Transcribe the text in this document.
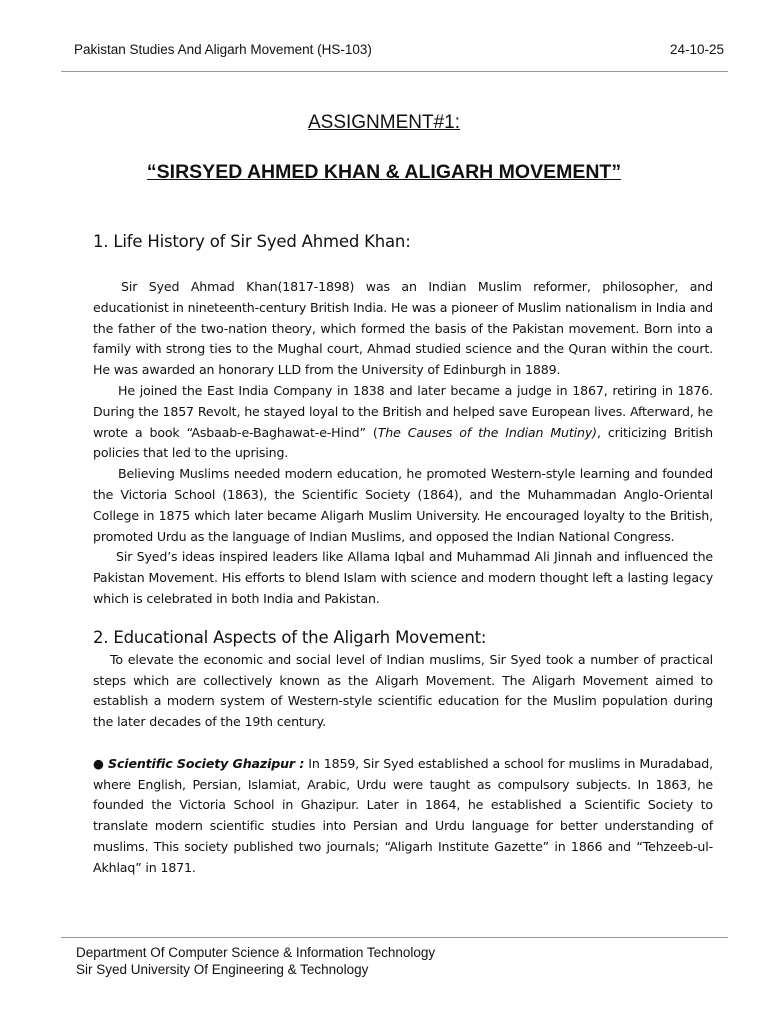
Pakistan Studies And Aligarh Movement (HS-103)	24-10-25
ASSIGNMENT#1:
“SIRSYED AHMED KHAN & ALIGARH MOVEMENT”
1. Life History of Sir Syed Ahmed Khan:

Sir Syed Ahmad Khan(1817-1898) was an Indian Muslim reformer, philosopher, and educationist in nineteenth-century British India. He was a pioneer of Muslim nationalism in India and the father of the two-nation theory, which formed the basis of the Pakistan movement. Born into a family with strong ties to the Mughal court, Ahmad studied science and the Quran within the court. He was awarded an honorary LLD from the University of Edinburgh in 1889.

He joined the East India Company in 1838 and later became a judge in 1867, retiring in 1876. During the 1857 Revolt, he stayed loyal to the British and helped save European lives. Afterward, he wrote a book “Asbaab-e-Baghawat-e-Hind” (The Causes of the Indian Mutiny), criticizing British policies that led to the uprising.

Believing Muslims needed modern education, he promoted Western-style learning and founded the Victoria School (1863), the Scientific Society (1864), and the Muhammadan Anglo-Oriental College in 1875 which later became Aligarh Muslim University. He encouraged loyalty to the British, promoted Urdu as the language of Indian Muslims, and opposed the Indian National Congress.

Sir Syed’s ideas inspired leaders like Allama Iqbal and Muhammad Ali Jinnah and influenced the Pakistan Movement. His efforts to blend Islam with science and modern thought left a lasting legacy which is celebrated in both India and Pakistan.

2. Educational Aspects of the Aligarh Movement:

To elevate the economic and social level of Indian muslims, Sir Syed took a number of practical steps which are collectively known as the Aligarh Movement. The Aligarh Movement aimed to establish a modern system of Western-style scientific education for the Muslim population during the later decades of the 19th century.

● Scientific Society Ghazipur : In 1859, Sir Syed established a school for muslims in Muradabad, where English, Persian, Islamiat, Arabic, Urdu were taught as compulsory subjects. In 1863, he founded the Victoria School in Ghazipur. Later in 1864, he established a Scientific Society to translate modern scientific studies into Persian and Urdu language for better understanding of muslims. This society published two journals; “Aligarh Institute Gazette” in 1866 and “Tehzeeb-ul-Akhlaq” in 1871.

Department Of Computer Science & Information Technology
Sir Syed University Of Engineering & Technology
